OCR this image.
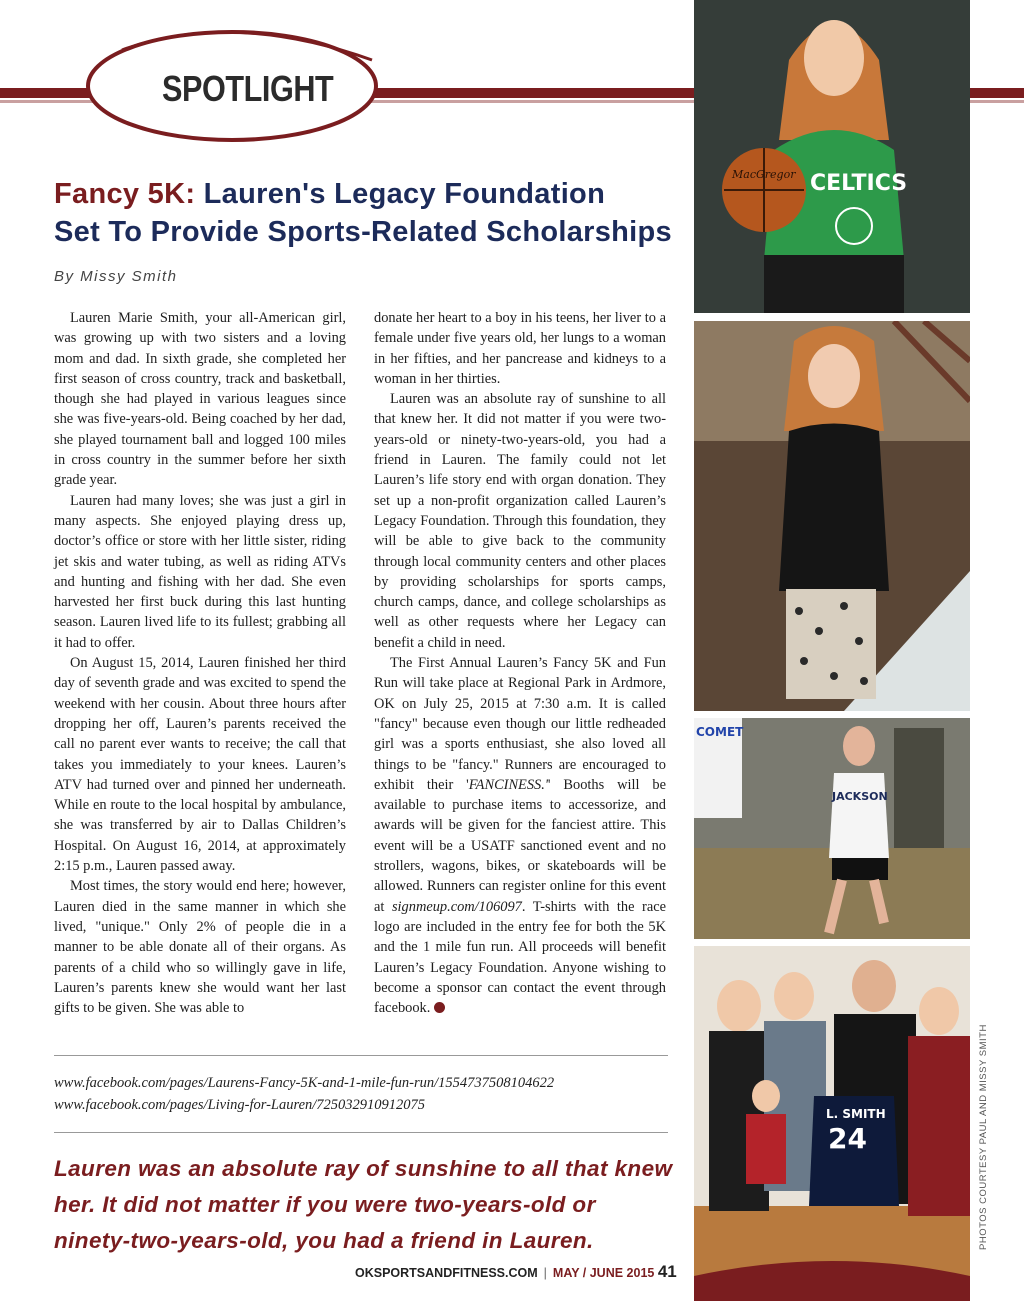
SPOTLIGHT
Fancy 5K: Lauren's Legacy Foundation
Set To Provide Sports-Related Scholarships
By Missy Smith

Lauren Marie Smith, your all-American girl, was growing up with two sisters and a loving mom and dad. In sixth grade, she completed her first season of cross country, track and basketball, though she had played in various leagues since she was five-years-old. Being coached by her dad, she played tournament ball and logged 100 miles in cross country in the summer before her sixth grade year.

Lauren had many loves; she was just a girl in many aspects. She enjoyed playing dress up, doctor’s office or store with her little sister, riding jet skis and water tubing, as well as riding ATVs and hunting and fishing with her dad. She even harvested her first buck during this last hunting season. Lauren lived life to its fullest; grabbing all it had to offer.

On August 15, 2014, Lauren finished her third day of seventh grade and was excited to spend the weekend with her cousin. About three hours after dropping her off, Lauren’s parents received the call no parent ever wants to receive; the call that takes you immediately to your knees. Lauren’s ATV had turned over and pinned her underneath. While en route to the local hospital by ambulance, she was transferred by air to Dallas Children’s Hospital. On August 16, 2014, at approximately 2:15 p.m., Lauren passed away.

Most times, the story would end here; however, Lauren died in the same manner in which she lived, "unique." Only 2% of people die in a manner to be able donate all of their organs. As parents of a child who so willingly gave in life, Lauren’s parents knew she would want her last gifts to be given. She was able to

donate her heart to a boy in his teens, her liver to a female under five years old, her lungs to a woman in her fifties, and her pancrease and kidneys to a woman in her thirties.

Lauren was an absolute ray of sunshine to all that knew her. It did not matter if you were two-years-old or ninety-two-years-old, you had a friend in Lauren. The family could not let Lauren’s life story end with organ donation. They set up a non-profit organization called Lauren’s Legacy Foundation. Through this foundation, they will be able to give back to the community through local community centers and other places by providing scholarships for sports camps, church camps, dance, and college scholarships as well as other requests where her Legacy can benefit a child in need.

The First Annual Lauren’s Fancy 5K and Fun Run will take place at Regional Park in Ardmore, OK on July 25, 2015 at 7:30 a.m. It is called "fancy" because even though our little redheaded girl was a sports enthusiast, she also loved all things to be "fancy." Runners are encouraged to exhibit their 'FANCINESS.'' Booths will be available to purchase items to accessorize, and awards will be given for the fanciest attire. This event will be a USATF sanctioned event and no strollers, wagons, bikes, or skateboards will be allowed. Runners can register online for this event at signmeup.com/106097. T-shirts with the race logo are included in the entry fee for both the 5K and the 1 mile fun run. All proceeds will benefit Lauren’s Legacy Foundation. Anyone wishing to become a sponsor can contact the event through facebook.

www.facebook.com/pages/Laurens-Fancy-5K-and-1-mile-fun-run/1554737508104622
www.facebook.com/pages/Living-for-Lauren/725032910912075
Lauren was an absolute ray of sunshine to all that knew her. It did not matter if you were two-years-old or ninety-two-years-old, you had a friend in Lauren.
OKSPORTSANDFITNESS.COM | MAY / JUNE 2015 41
MacGregor CELTICS
COMET
JACKSON
L. SMITH
24	PHOTOS COURTESY PAUL AND MISSY SMITH
